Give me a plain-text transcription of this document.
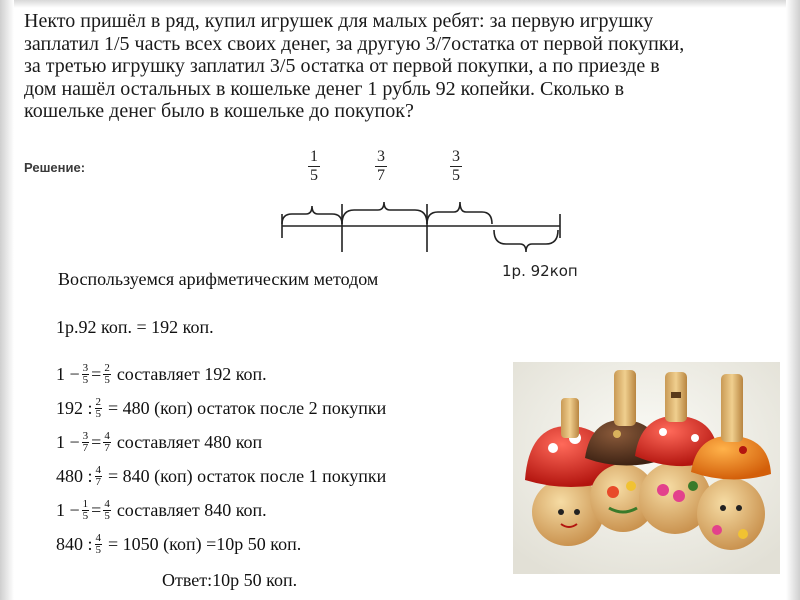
Некто пришёл в ряд, купил игрушек для малых ребят: за первую игрушку
заплатил 1/5 часть всех своих денег, за другую 3/7остатка от первой покупки,
за третью игрушку заплатил 3/5 остатка от первой покупки, а по приезде в
дом нашёл остальных в кошельке денег 1 рубль 92 копейки. Сколько в
кошельке денег было в кошельке до покупок?
Решение:	$\frac{1}{5}$	$\frac{3}{7}$	$\frac{3}{5}$
1р. 92коп
Воспользуемся арифметическим методом
1р.92 коп. = 192 коп.
$1 - \frac{3}{5} = \frac{2}{5}$ составляет 192 коп.
192 : $\frac{2}{5} = 480$ (коп) остаток после 2 покупки
$1 - \frac{3}{7} = \frac{4}{7}$ составляет 480 коп
480 : $\frac{4}{7} = 840$ (коп) остаток после 1 покупки
$1 - \frac{1}{5} = \frac{4}{5}$ составляет 840 коп.
840 : $\frac{4}{5} = 1050$ (коп) =10р 50 коп.
Ответ:10р 50 коп.
